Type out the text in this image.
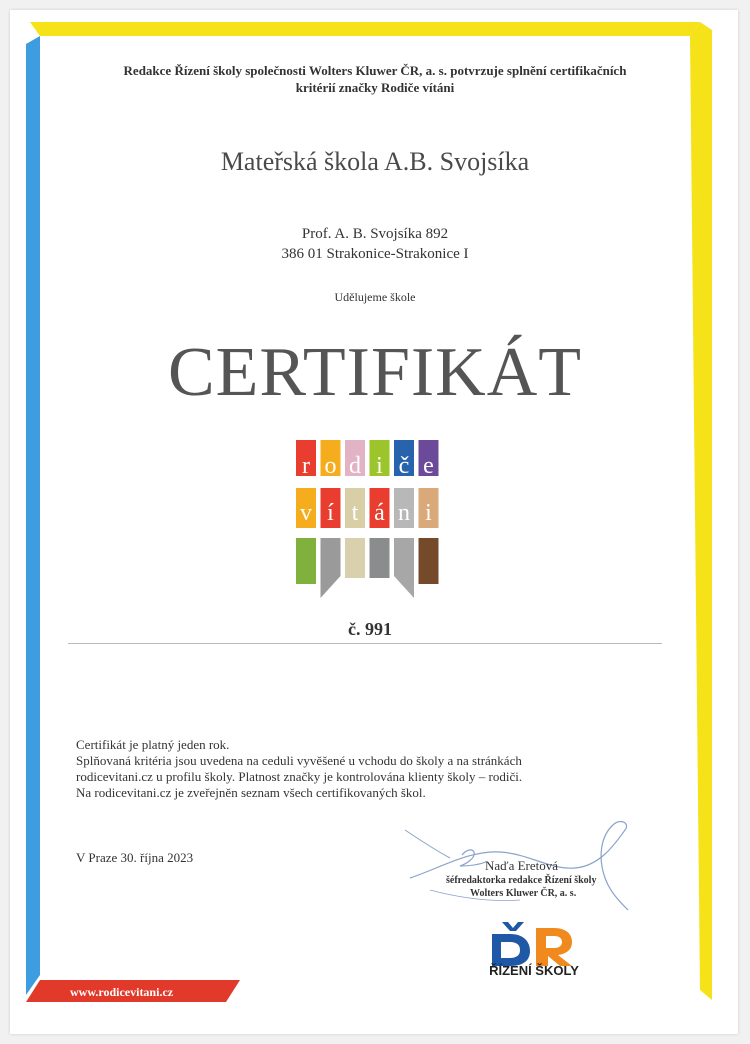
Redakce Řízení školy společnosti Wolters Kluwer ČR, a. s. potvrzuje splnění certifikačních
kritérií značky Rodiče vítáni
Mateřská škola A.B. Svojsíka
Prof. A. B. Svojsíka 892
386 01 Strakonice-Strakonice I
Udělujeme škole
CERTIFIKÁT
r o d i č e
v í t á n i
č. 991
Certifikát je platný jeden rok.
Splňovaná kritéria jsou uvedena na ceduli vyvěšené u vchodu do školy a na stránkách
rodicevitani.cz u profilu školy. Platnost značky je kontrolována klienty školy – rodiči.
Na rodicevitani.cz je zveřejněn seznam všech certifikovaných škol.
V Praze 30. října 2023
Naďa Eretová
šéfredaktorka redakce Řízení školy
Wolters Kluwer ČR, a. s.
ŘÍZENÍ ŠKOLY
www.rodicevitani.cz
